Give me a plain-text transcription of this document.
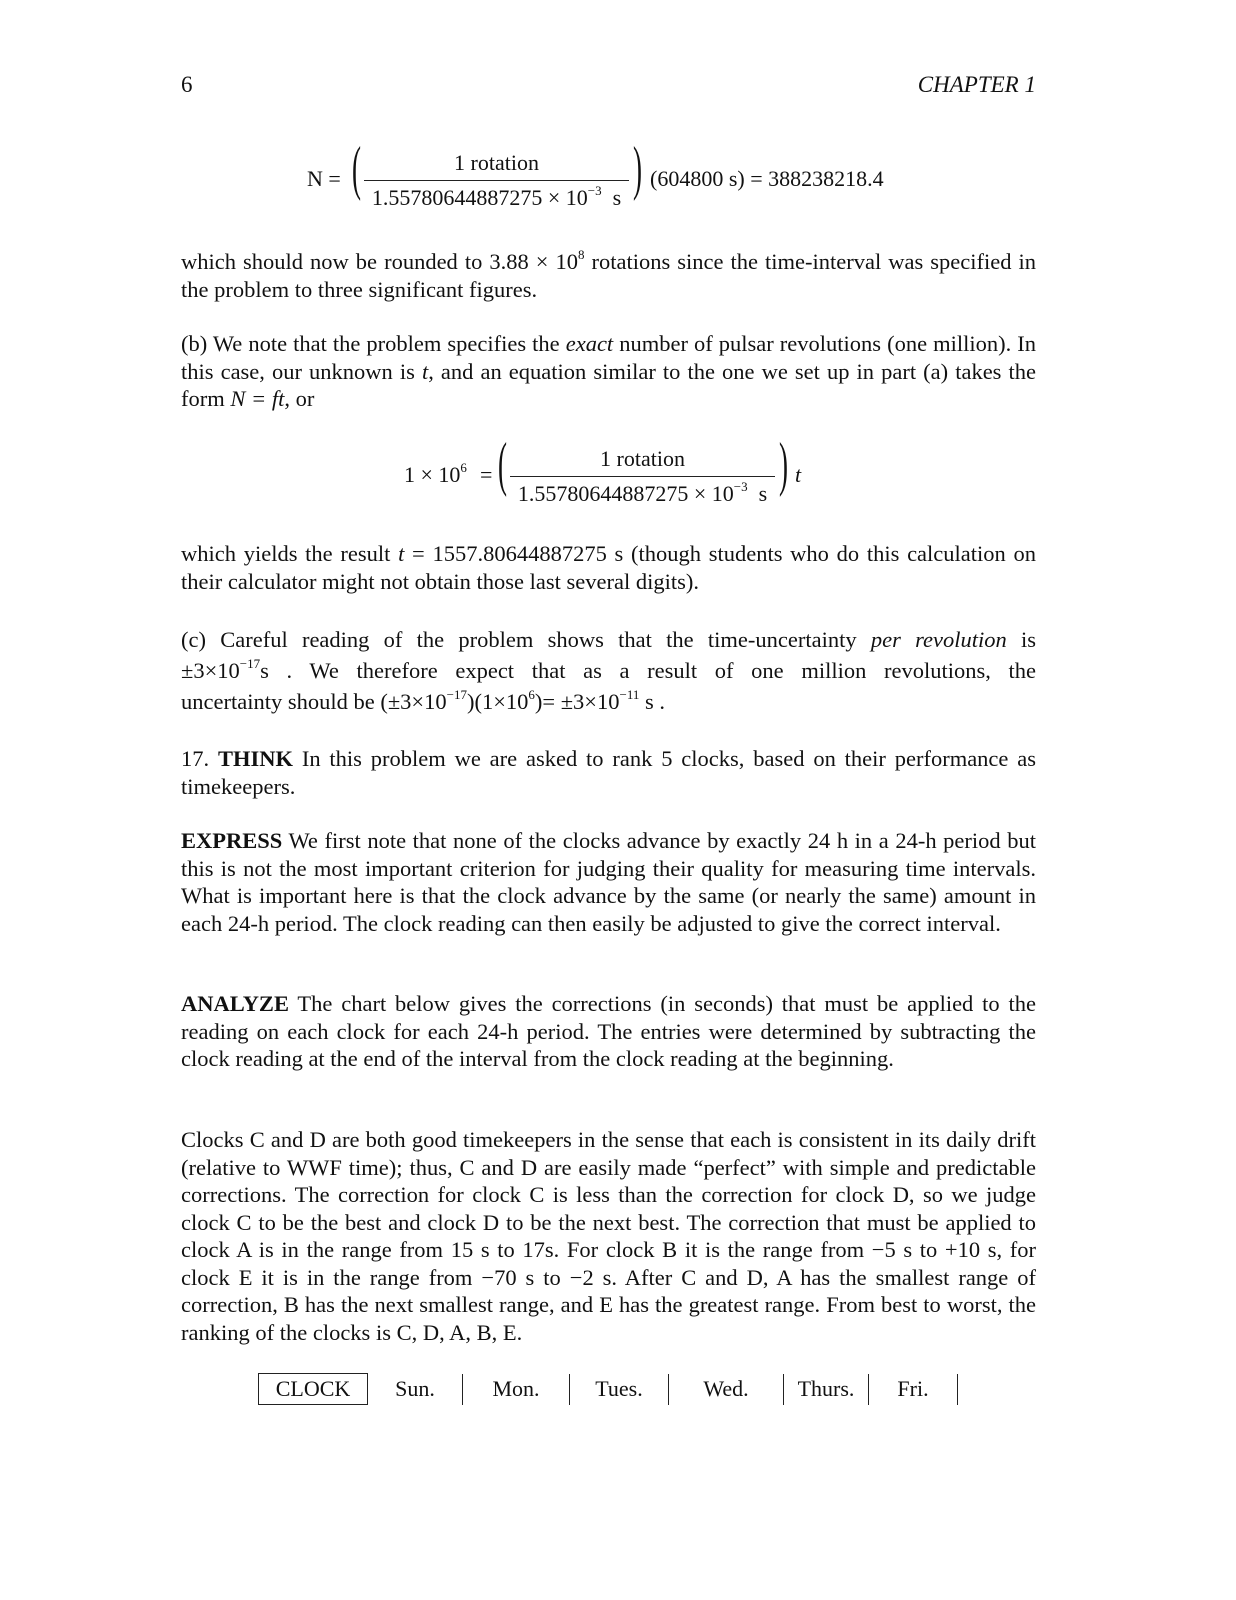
6	CHAPTER 1
N = (	1 rotation
$1.55780644887275 \times 10^{-3}$ s ) (604800 s) = 388238218.4
which should now be rounded to $3.88 \times 10^8$ rotations since the time-interval was specified in the problem to three significant figures.
(b) We note that the problem specifies the exact number of pulsar revolutions (one million). In this case, our unknown is t, and an equation similar to the one we set up in part (a) takes the form N = ft, or
$1 \times 10^6$ = (	1 rotation
$1.55780644887275 \times 10^{-3}$ s ) t
which yields the result t = 1557.80644887275 s (though students who do this calculation on their calculator might not obtain those last several digits).
(c) Careful reading of the problem shows that the time-uncertainty per revolution is
$\pm 3\times 10^{-17}s$ . We therefore expect that as a result of one million revolutions, the
uncertainty should be $(\pm 3\times 10^{-17})(1\times 10^6)= \pm 3\times 10^{-11}$ s .
17. THINK In this problem we are asked to rank 5 clocks, based on their performance as timekeepers.
EXPRESS We first note that none of the clocks advance by exactly 24 h in a 24-h period but this is not the most important criterion for judging their quality for measuring time intervals. What is important here is that the clock advance by the same (or nearly the same) amount in each 24-h period. The clock reading can then easily be adjusted to give the correct interval.
ANALYZE The chart below gives the corrections (in seconds) that must be applied to the reading on each clock for each 24-h period. The entries were determined by subtracting the clock reading at the end of the interval from the clock reading at the beginning.
Clocks C and D are both good timekeepers in the sense that each is consistent in its daily drift (relative to WWF time); thus, C and D are easily made “perfect” with simple and predictable corrections. The correction for clock C is less than the correction for clock D, so we judge clock C to be the best and clock D to be the next best. The correction that must be applied to clock A is in the range from 15 s to 17s. For clock B it is the range from −5 s to +10 s, for clock E it is in the range from −70 s to −2 s. After C and D, A has the smallest range of correction, B has the next smallest range, and E has the greatest range. From best to worst, the ranking of the clocks is C, D, A, B, E.
CLOCK	Sun.	Mon.	Tues.	Wed.	Thurs.	Fri.
